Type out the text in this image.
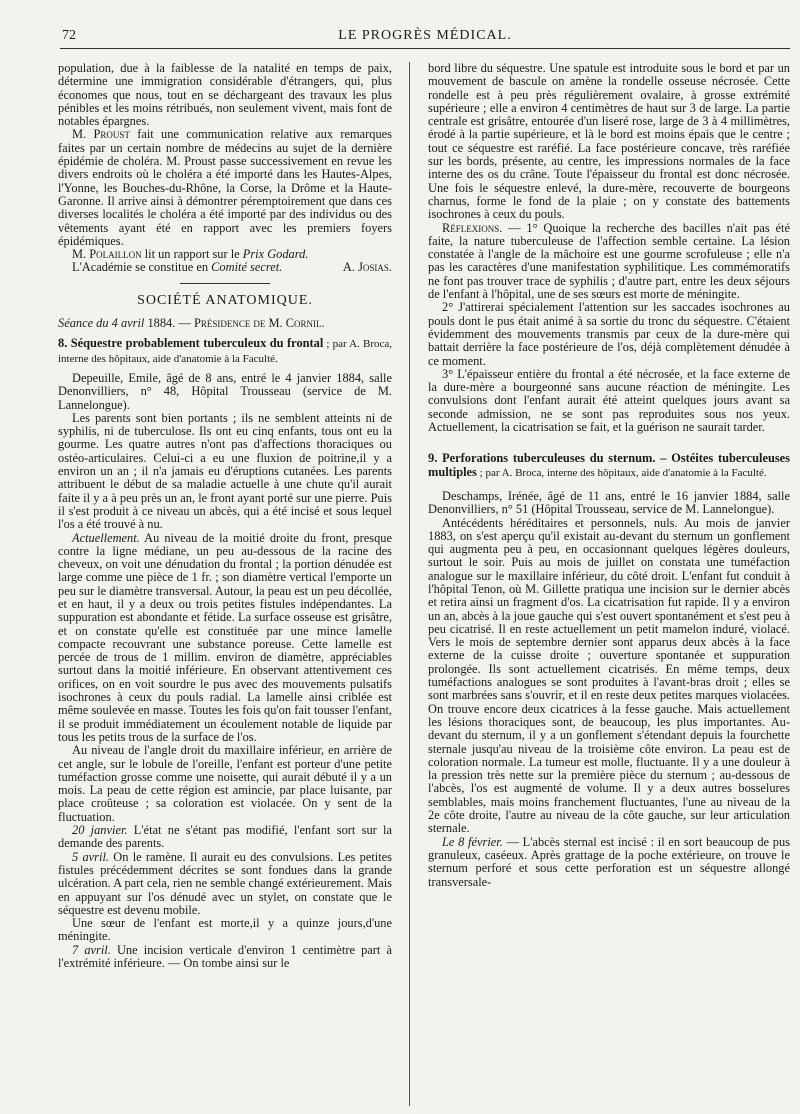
72	LE PROGRÈS MÉDICAL.

population, due à la faiblesse de la natalité en temps de paix, détermine une immigration considérable d'étrangers, qui, plus économes que nous, tout en se déchargeant des travaux les plus pénibles et les moins rétribués, non seulement vivent, mais font de notables épargnes.

M. Proust fait une communication relative aux remarques faites par un certain nombre de médecins au sujet de la dernière épidémie de choléra. M. Proust passe successivement en revue les divers endroits où le choléra a été importé dans les Hautes-Alpes, l'Yonne, les Bouches-du-Rhône, la Corse, la Drôme et la Haute-Garonne. Il arrive ainsi à démontrer péremptoirement que dans ces diverses localités le choléra a été importé par des individus ou des vêtements ayant été en rapport avec les premiers foyers épidémiques.

M. Polaillon lit un rapport sur le Prix Godard.

L'Académie se constitue en Comité secret.	A. Josias.

SOCIÉTÉ ANATOMIQUE.

Séance du 4 avril 1884. — Présidence de M. Cornil.

8. Séquestre probablement tuberculeux du frontal ; par A. Broca, interne des hôpitaux, aide d'anatomie à la Faculté.

Depeuille, Emile, âgé de 8 ans, entré le 4 janvier 1884, salle Denonvilliers, n° 48, Hôpital Trousseau (service de M. Lannelongue).

Les parents sont bien portants ; ils ne semblent atteints ni de syphilis, ni de tuberculose. Ils ont eu cinq enfants, tous ont eu la gourme. Les quatre autres n'ont pas d'affections thoraciques ou ostéo-articulaires. Celui-ci a eu une fluxion de poitrine,il y a environ un an ; il n'a jamais eu d'éruptions cutanées. Les parents attribuent le début de sa maladie actuelle à une chute qu'il aurait faite il y a à peu près un an, le front ayant porté sur une pierre. Puis il s'est produit à ce niveau un abcès, qui a été incisé et sous lequel l'os a été trouvé à nu.

Actuellement. Au niveau de la moitié droite du front, presque contre la ligne médiane, un peu au-dessous de la racine des cheveux, on voit une dénudation du frontal ; la portion dénudée est large comme une pièce de 1 fr. ; son diamètre vertical l'emporte un peu sur le diamètre transversal. Autour, la peau est un peu décollée, et en haut, il y a deux ou trois petites fistules indépendantes. La suppuration est abondante et fétide. La surface osseuse est grisâtre, et on constate qu'elle est constituée par une mince lamelle compacte recouvrant une substance poreuse. Cette lamelle est percée de trous de 1 millim. environ de diamètre, appréciables surtout dans la moitié inférieure. En observant attentivement ces orifices, on en voit sourdre le pus avec des mouvements pulsatifs isochrones à ceux du pouls radial. La lamelle ainsi criblée est même soulevée en masse. Toutes les fois qu'on fait tousser l'enfant, il se produit immédiatement un écoulement notable de liquide par tous les petits trous de la surface de l'os.

Au niveau de l'angle droit du maxillaire inférieur, en arrière de cet angle, sur le lobule de l'oreille, l'enfant est porteur d'une petite tuméfaction grosse comme une noisette, qui aurait débuté il y a un mois. La peau de cette région est amincie, par place luisante, par place croûteuse ; sa coloration est violacée. On y sent de la fluctuation.

20 janvier. L'état ne s'étant pas modifié, l'enfant sort sur la demande des parents.

5 avril. On le ramène. Il aurait eu des convulsions. Les petites fistules précédemment décrites se sont fondues dans la grande ulcération. A part cela, rien ne semble changé extérieurement. Mais en appuyant sur l'os dénudé avec un stylet, on constate que le séquestre est devenu mobile.

Une sœur de l'enfant est morte,il y a quinze jours,d'une méningite.

7 avril. Une incision verticale d'environ 1 centimètre part à l'extrémité inférieure. — On tombe ainsi sur le

bord libre du séquestre. Une spatule est introduite sous le bord et par un mouvement de bascule on amène la rondelle osseuse nécrosée. Cette rondelle est à peu près régulièrement ovalaire, à grosse extrémité supérieure ; elle a environ 4 centimètres de haut sur 3 de large. La partie centrale est grisâtre, entourée d'un liseré rose, large de 3 à 4 millimètres, érodé à la partie supérieure, et là le bord est moins épais que le centre ; tout ce séquestre est raréfié. La face postérieure concave, très raréfiée sur les bords, présente, au centre, les impressions normales de la face interne des os du crâne. Toute l'épaisseur du frontal est donc nécrosée. Une fois le séquestre enlevé, la dure-mère, recouverte de bourgeons charnus, forme le fond de la plaie ; on y constate des battements isochrones à ceux du pouls.

Réflexions. — 1° Quoique la recherche des bacilles n'ait pas été faite, la nature tuberculeuse de l'affection semble certaine. La lésion constatée à l'angle de la mâchoire est une gourme scrofuleuse ; elle n'a pas les caractères d'une manifestation syphilitique. Les commémoratifs ne font pas trouver trace de syphilis ; d'autre part, entre les deux séjours de l'enfant à l'hôpital, une de ses sœurs est morte de méningite.

2° J'attirerai spécialement l'attention sur les saccades isochrones au pouls dont le pus était animé à sa sortie du tronc du séquestre. C'étaient évidemment des mouvements transmis par ceux de la dure-mère qui battait derrière la face postérieure de l'os, déjà complètement dénudée à ce moment.

3° L'épaisseur entière du frontal a été nécrosée, et la face externe de la dure-mère a bourgeonné sans aucune réaction de méningite. Les convulsions dont l'enfant aurait été atteint quelques jours avant sa seconde admission, ne se sont pas reproduites sous nos yeux. Actuellement, la cicatrisation se fait, et la guérison ne saurait tarder.

9. Perforations tuberculeuses du sternum. – Ostéites tuberculeuses multiples ; par A. Broca, interne des hôpitaux, aide d'anatomie à la Faculté.

Deschamps, Irénée, âgé de 11 ans, entré le 16 janvier 1884, salle Denonvilliers, n° 51 (Hôpital Trousseau, service de M. Lannelongue).

Antécédents héréditaires et personnels, nuls. Au mois de janvier 1883, on s'est aperçu qu'il existait au-devant du sternum un gonflement qui augmenta peu à peu, en occasionnant quelques légères douleurs, surtout le soir. Puis au mois de juillet on constata une tuméfaction analogue sur le maxillaire inférieur, du côté droit. L'enfant fut conduit à l'hôpital Tenon, où M. Gillette pratiqua une incision sur le dernier abcès et retira ainsi un fragment d'os. La cicatrisation fut rapide. Il y a environ un an, abcès à la joue gauche qui s'est ouvert spontanément et s'est peu à peu cicatrisé. Il en reste actuellement un petit mamelon induré, violacé. Vers le mois de septembre dernier sont apparus deux abcès à la face externe de la cuisse droite ; ouverture spontanée et suppuration prolongée. Ils sont actuellement cicatrisés. En même temps, deux tuméfactions analogues se sont produites à l'avant-bras droit ; elles se sont marbrées sans s'ouvrir, et il en reste deux petites marques violacées. On trouve encore deux cicatrices à la fesse gauche. Mais actuellement les lésions thoraciques sont, de beaucoup, les plus importantes. Au-devant du sternum, il y a un gonflement s'étendant depuis la fourchette sternale jusqu'au niveau de la troisième côte environ. La peau est de coloration normale. La tumeur est molle, fluctuante. Il y a une douleur à la pression très nette sur la première pièce du sternum ; au-dessous de l'abcès, l'os est augmenté de volume. Il y a deux autres bosselures semblables, mais moins franchement fluctuantes, l'une au niveau de la 2e côte droite, l'autre au niveau de la côte gauche, sur leur articulation sternale.

Le 8 février. — L'abcès sternal est incisé : il en sort beaucoup de pus granuleux, caséeux. Après grattage de la poche extérieure, on trouve le sternum perforé et sous cette perforation est un séquestre allongé transversale-
